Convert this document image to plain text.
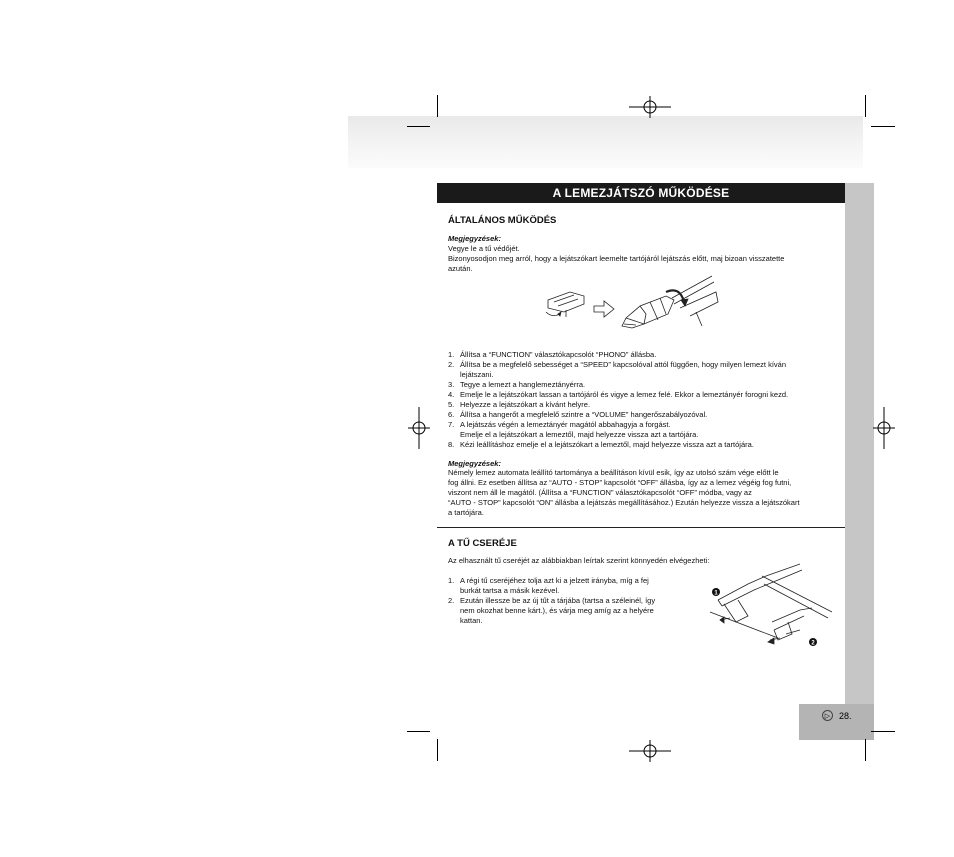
▷ 28.
A LEMEZJÁTSZÓ MŰKÖDÉSE
ÁLTALÁNOS MŰKÖDÉS
Megjegyzések:
Vegye le a tű védőjét.
Bizonyosodjon meg arról, hogy a lejátszókart leemelte tartójáról lejátszás előtt, maj bizoan visszatette
azután.
1. Állítsa a “FUNCTION” választókapcsolót “PHONO” állásba.
2. Állítsa be a megfelelő sebességet a “SPEED” kapcsolóval attól függően, hogy milyen lemezt kíván
lejátszani.
3. Tegye a lemezt a hanglemeztányérra.
4. Emelje le a lejátszókart lassan a tartójáról és vigye a lemez felé. Ekkor a lemeztányér forogni kezd.
5. Helyezze a lejátszókart a kívánt helyre.
6. Állítsa a hangerőt a megfelelő szintre a “VOLUME” hangerőszabályozóval.
7. A lejátszás végén a lemeztányér magától abbahagyja a forgást.
Emelje el a lejátszókart a lemeztől, majd helyezze vissza azt a tartójára.
8. Kézi leállításhoz emelje el a lejátszókart a lemeztől, majd helyezze vissza azt a tartójára.
Megjegyzések:
Némely lemez automata leállító tartománya a beállításon kívül esik, így az utolsó szám vége előtt le
fog állni. Ez esetben állítsa az “AUTO - STOP” kapcsolót “OFF” állásba, így az a lemez végéig fog futni,
viszont nem áll le magától. (Állítsa a “FUNCTION” választókapcsolót “OFF” módba, vagy az
“AUTO - STOP” kapcsolót “ON” állásba a lejátszás megállításához.) Ezután helyezze vissza a lejátszókart
a tartójára.
A TŰ CSERÉJE
Az elhasznált tű cseréjét az alábbiakban leírtak szerint könnyedén elvégezheti:
1. A régi tű cseréjéhez tolja azt ki a jelzett irányba, míg a fej
burkát tartsa a másik kezével.
2. Ezután illessze be az új tűt a tárjába (tartsa a széleinél, így
nem okozhat benne kárt.), és várja meg amíg az a helyére
kattan.
1
2
